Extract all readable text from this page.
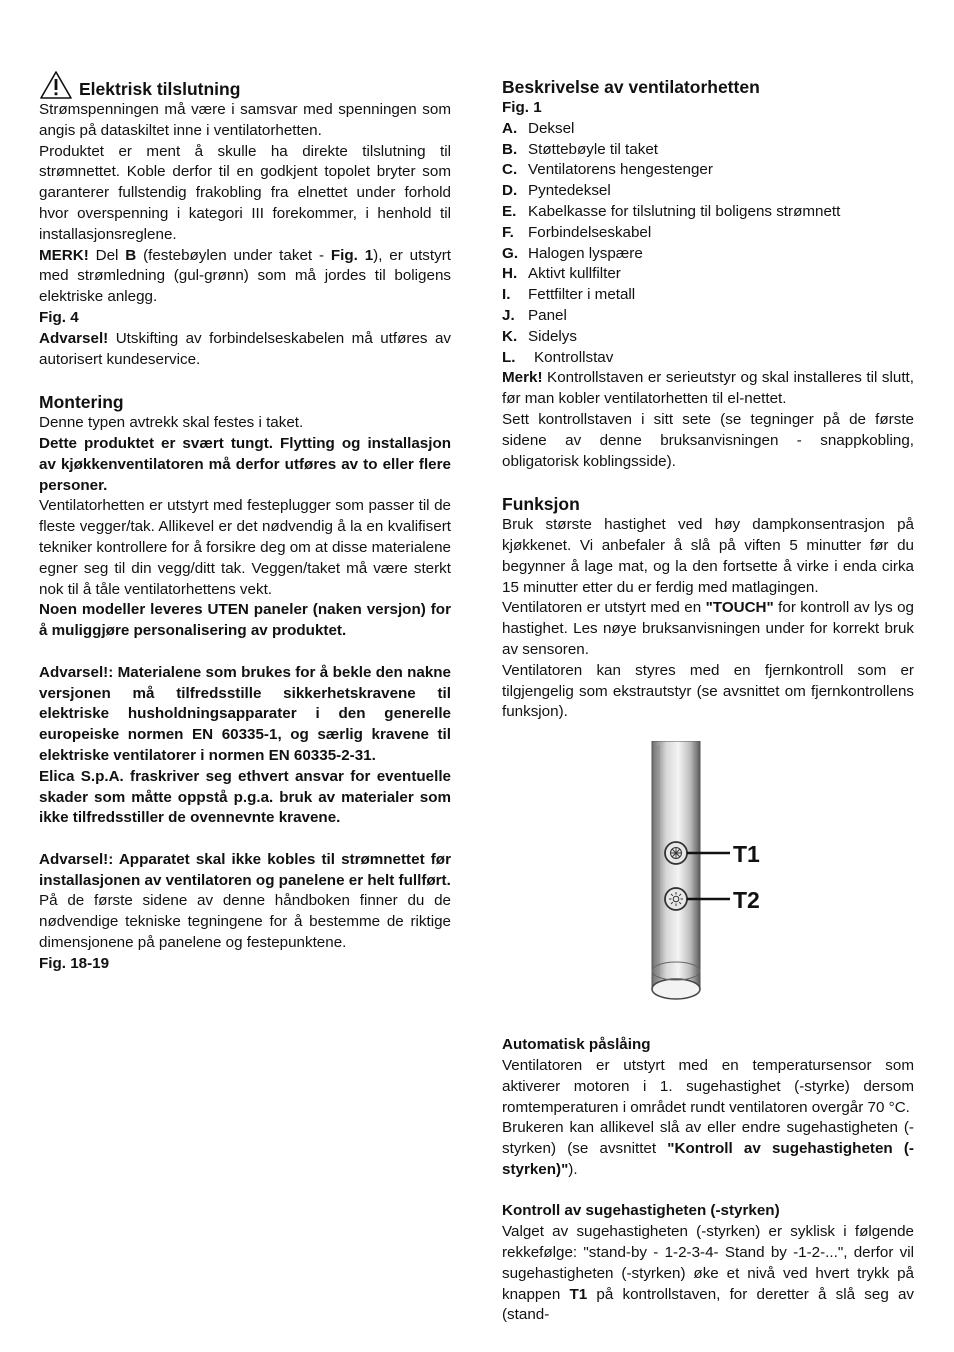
Elektrisk tilslutning

Strømspenningen må være i samsvar med spenningen som angis på dataskiltet inne i ventilatorhetten.

Produktet er ment å skulle ha direkte tilslutning til strømnettet. Koble derfor til en godkjent topolet bryter som garanterer fullstendig frakobling fra elnettet under forhold hvor overspenning i kategori III forekommer, i henhold til installasjonsreglene.

MERK! Del B (festebøylen under taket - Fig. 1), er utstyrt med strømledning (gul-grønn) som må jordes til boligens elektriske anlegg.

Fig. 4

Advarsel! Utskifting av forbindelseskabelen må utføres av autorisert kundeservice.

Montering

Denne typen avtrekk skal festes i taket.

Dette produktet er svært tungt. Flytting og installasjon av kjøkkenventilatoren må derfor utføres av to eller flere personer.

Ventilatorhetten er utstyrt med festeplugger som passer til de fleste vegger/tak. Allikevel er det nødvendig å la en kvalifisert tekniker kontrollere for å forsikre deg om at disse materialene egner seg til din vegg/ditt tak. Veggen/taket må være sterkt nok til å tåle ventilatorhettens vekt.

Noen modeller leveres UTEN paneler (naken versjon) for å muliggjøre personalisering av produktet.

Advarsel!: Materialene som brukes for å bekle den nakne versjonen må tilfredsstille sikkerhetskravene til elektriske husholdningsapparater i den generelle europeiske normen EN 60335-1, og særlig kravene til elektriske ventilatorer i normen EN 60335-2-31.

Elica S.p.A. fraskriver seg ethvert ansvar for eventuelle skader som måtte oppstå p.g.a. bruk av materialer som ikke tilfredsstiller de ovennevnte kravene.

Advarsel!: Apparatet skal ikke kobles til strømnettet før installasjonen av ventilatoren og panelene er helt fullført.

På de første sidene av denne håndboken finner du de nødvendige tekniske tegningene for å bestemme de riktige dimensjonene på panelene og festepunktene.

Fig. 18-19

Beskrivelse av ventilatorhetten

Fig. 1

A. Deksel
B. Støttebøyle til taket
C. Ventilatorens hengestenger
D. Pyntedeksel
E. Kabelkasse for tilslutning til boligens strømnett
F. Forbindelseskabel
G. Halogen lyspære
H. Aktivt kullfilter
I.	Fettfilter i metall
J. Panel
K. Sidelys
L.	Kontrollstav

Merk! Kontrollstaven er serieutstyr og skal installeres til slutt, før man kobler ventilatorhetten til el-nettet.

Sett kontrollstaven i sitt sete (se tegninger på de første sidene av denne bruksanvisningen - snappkobling, obligatorisk koblingsside).

Funksjon

Bruk største hastighet ved høy dampkonsentrasjon på kjøkkenet. Vi anbefaler å slå på viften 5 minutter før du begynner å lage mat, og la den fortsette å virke i enda cirka 15 minutter etter du er ferdig med matlagingen.

Ventilatoren er utstyrt med en "TOUCH" for kontroll av lys og hastighet. Les nøye bruksanvisningen under for korrekt bruk av sensoren.

Ventilatoren kan styres med en fjernkontroll som er tilgjengelig som ekstrautstyr (se avsnittet om fjernkontrollens funksjon).

T1
T2

Automatisk påslåing

Ventilatoren er utstyrt med en temperatursensor som aktiverer motoren i 1. sugehastighet (-styrke) dersom romtemperaturen i området rundt ventilatoren overgår 70 °C.

Brukeren kan allikevel slå av eller endre sugehastigheten (-styrken) (se avsnittet "Kontroll av sugehastigheten (-styrken)").

Kontroll av sugehastigheten (-styrken)

Valget av sugehastigheten (-styrken) er syklisk i følgende rekkefølge: "stand-by - 1-2-3-4- Stand by -1-2-...", derfor vil sugehastigheten (-styrken) øke et nivå ved hvert trykk på knappen T1 på kontrollstaven, for deretter å slå seg av (stand-
